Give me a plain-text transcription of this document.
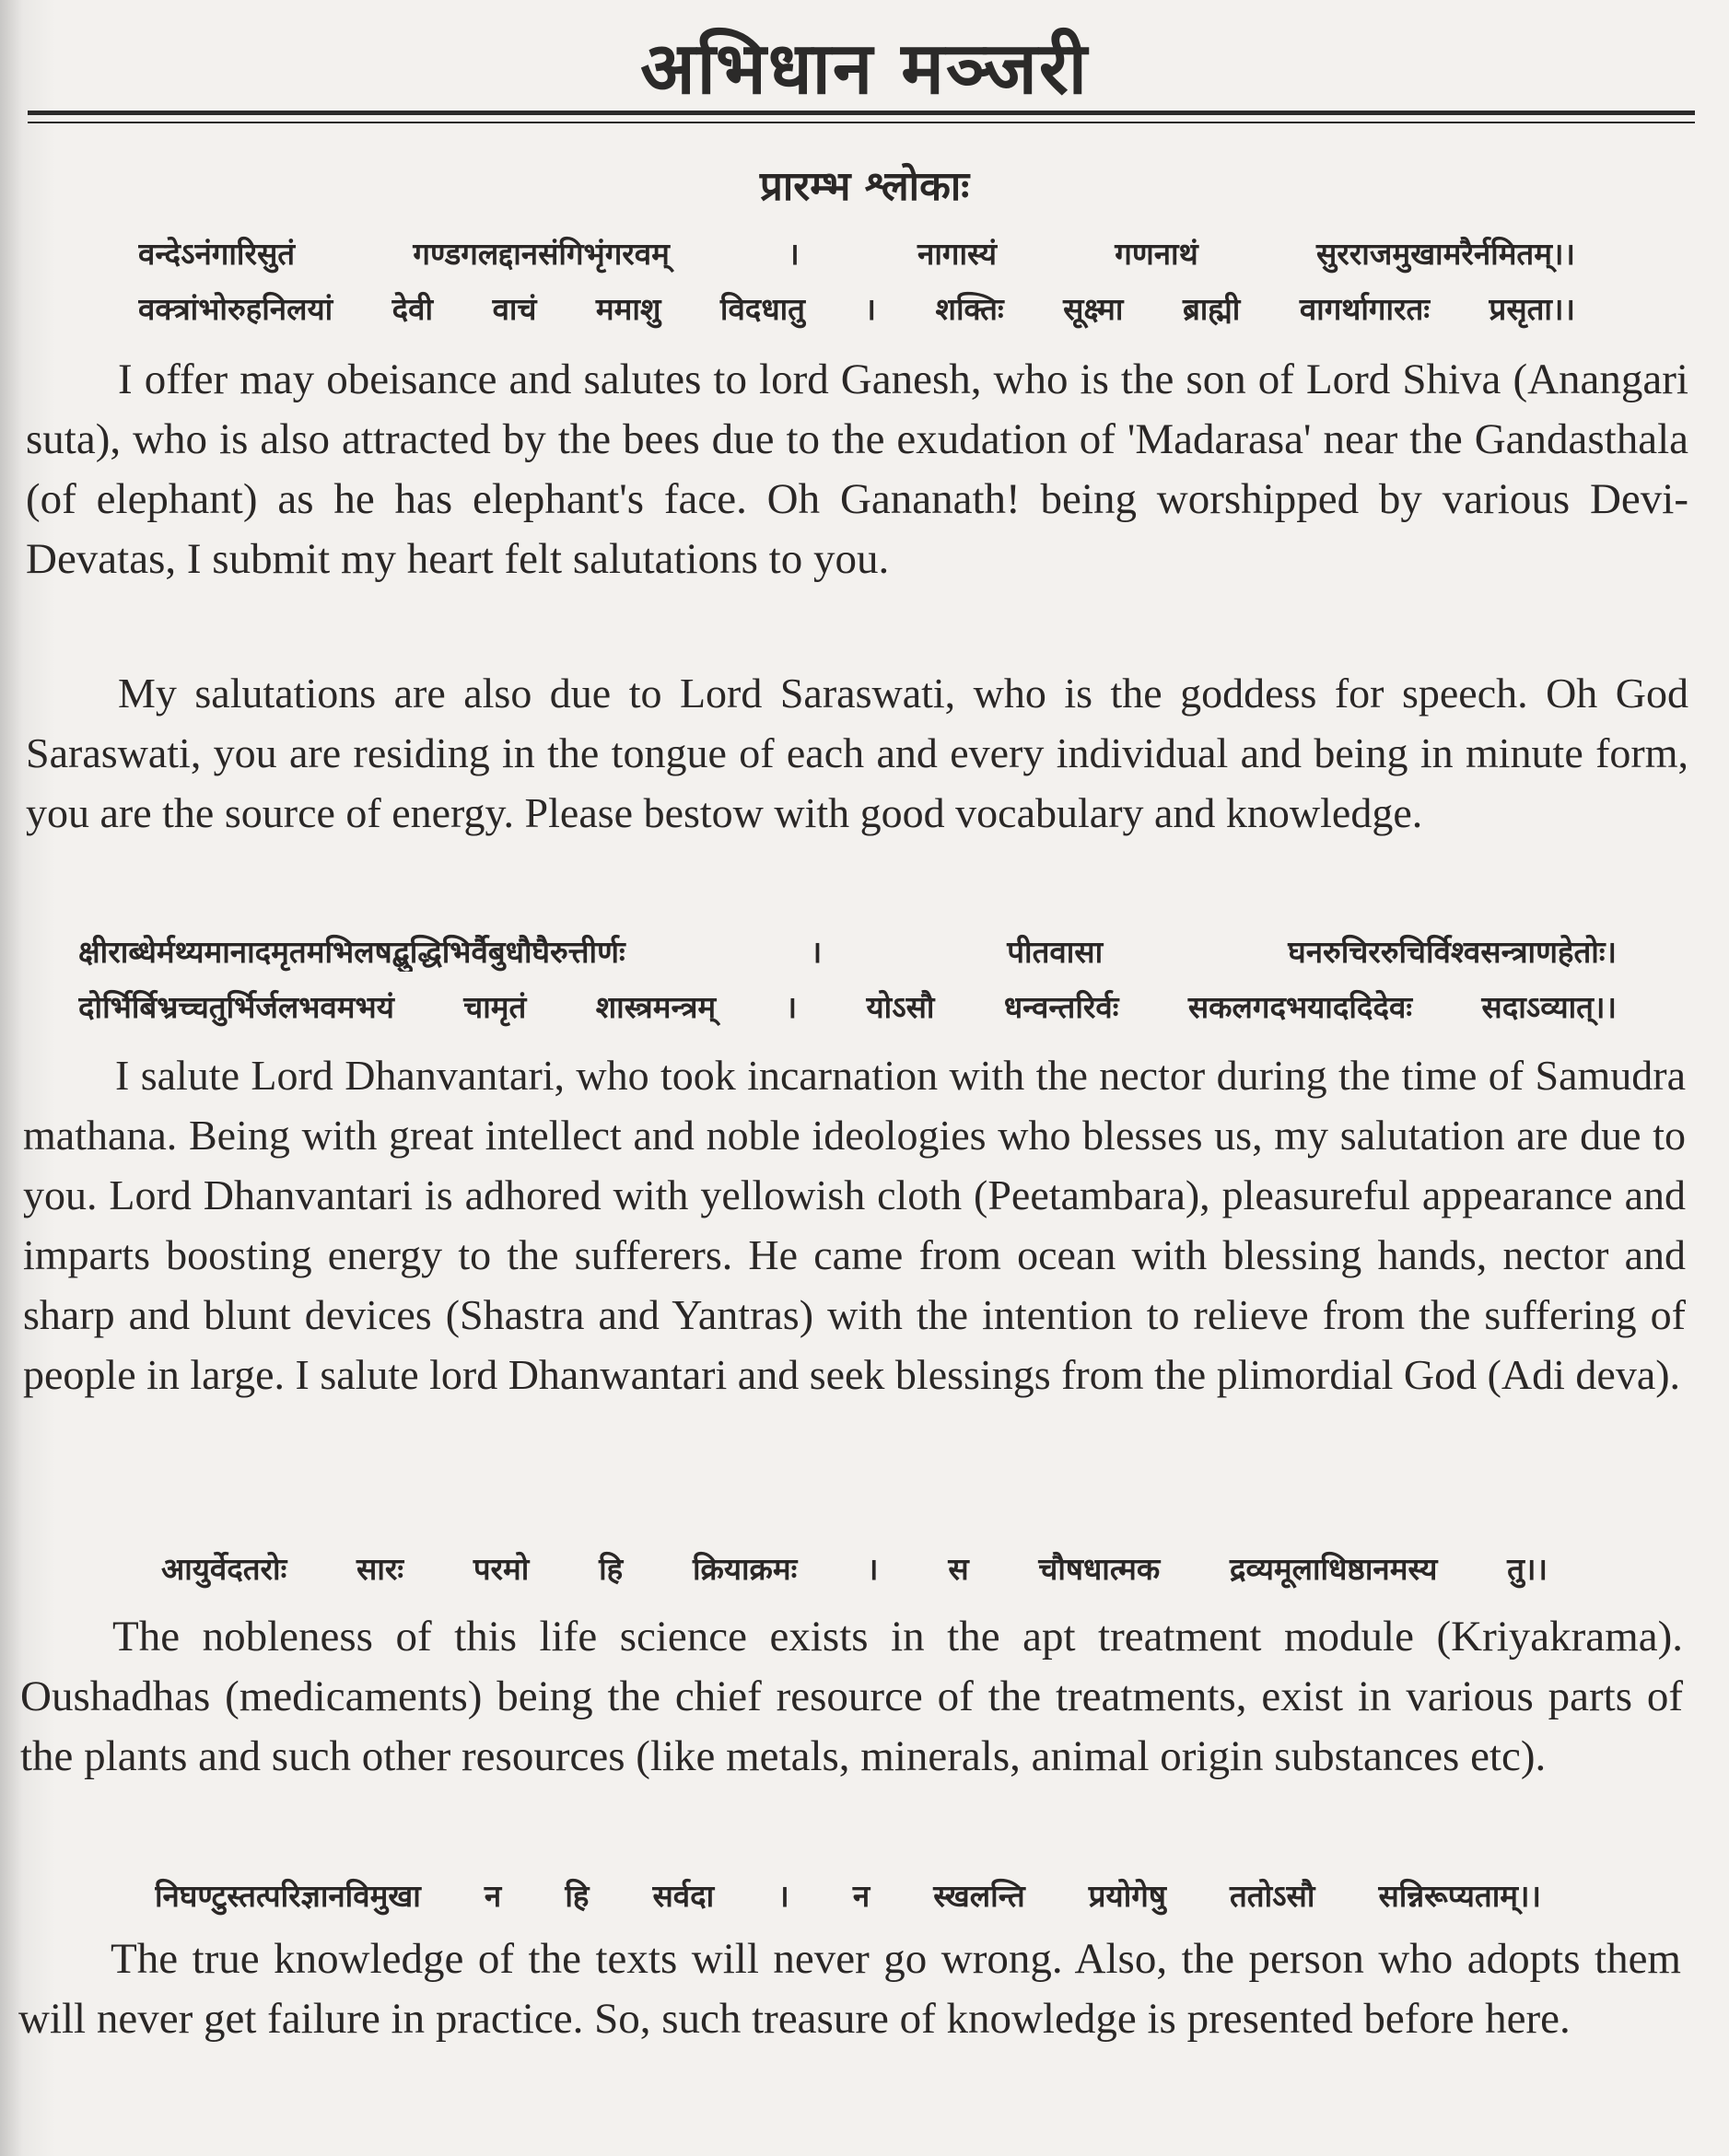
अभिधान मञ्जरी
प्रारम्भ श्लोकाः
वन्देऽनंगारिसुतं गण्डगलद्दानसंगिभृंगरवम् । नागास्यं गणनाथं सुरराजमुखामरैर्नमितम्।।
वक्त्रांभोरुहनिलयां देवी वाचं ममाशु विदधातु । शक्तिः सूक्ष्मा ब्राह्मी वागर्थागारतः प्रसृता।।

I offer may obeisance and salutes to lord Ganesh, who is the son of Lord Shiva (Anangari suta), who is also attracted by the bees due to the exudation of 'Madarasa' near the Gandasthala (of elephant) as he has elephant's face. Oh Gananath! being worshipped by various Devi-Devatas, I submit my heart felt salutations to you.

My salutations are also due to Lord Saraswati, who is the goddess for speech. Oh God Saraswati, you are residing in the tongue of each and every individual and being in minute form, you are the source of energy. Please bestow with good vocabulary and knowledge.

क्षीराब्धेर्मथ्यमानादमृतमभिलषद्बुद्धिभिर्वैबुधौघैरुत्तीर्णः । पीतवासा घनरुचिररुचिर्विश्वसन्त्राणहेतोः।
दोर्भिर्बिभ्रच्चतुर्भिर्जलभवमभयं चामृतं शास्त्रमन्त्रम् । योऽसौ धन्वन्तरिर्वः सकलगदभयाददिदेवः सदाऽव्यात्।।

I salute Lord Dhanvantari, who took incarnation with the nector during the time of Samudra mathana. Being with great intellect and noble ideologies who blesses us, my salutation are due to you. Lord Dhanvantari is adhored with yellowish cloth (Peetambara), pleasureful appearance and imparts boosting energy to the sufferers. He came from ocean with blessing hands, nector and sharp and blunt devices (Shastra and Yantras) with the intention to relieve from the suffering of people in large. I salute lord Dhanwantari and seek blessings from the plimordial God (Adi deva).

आयुर्वेदतरोः सारः परमो हि क्रियाक्रमः । स चौषधात्मक द्रव्यमूलाधिष्ठानमस्य तु।।

The nobleness of this life science exists in the apt treatment module (Kriyakrama). Oushadhas (medicaments) being the chief resource of the treatments, exist in various parts of the plants and such other resources (like metals, minerals, animal origin substances etc).

निघण्टुस्तत्परिज्ञानविमुखा न हि सर्वदा । न स्खलन्ति प्रयोगेषु ततोऽसौ सन्निरूप्यताम्।।

The true knowledge of the texts will never go wrong. Also, the person who adopts them will never get failure in practice. So, such treasure of knowledge is presented before here.
